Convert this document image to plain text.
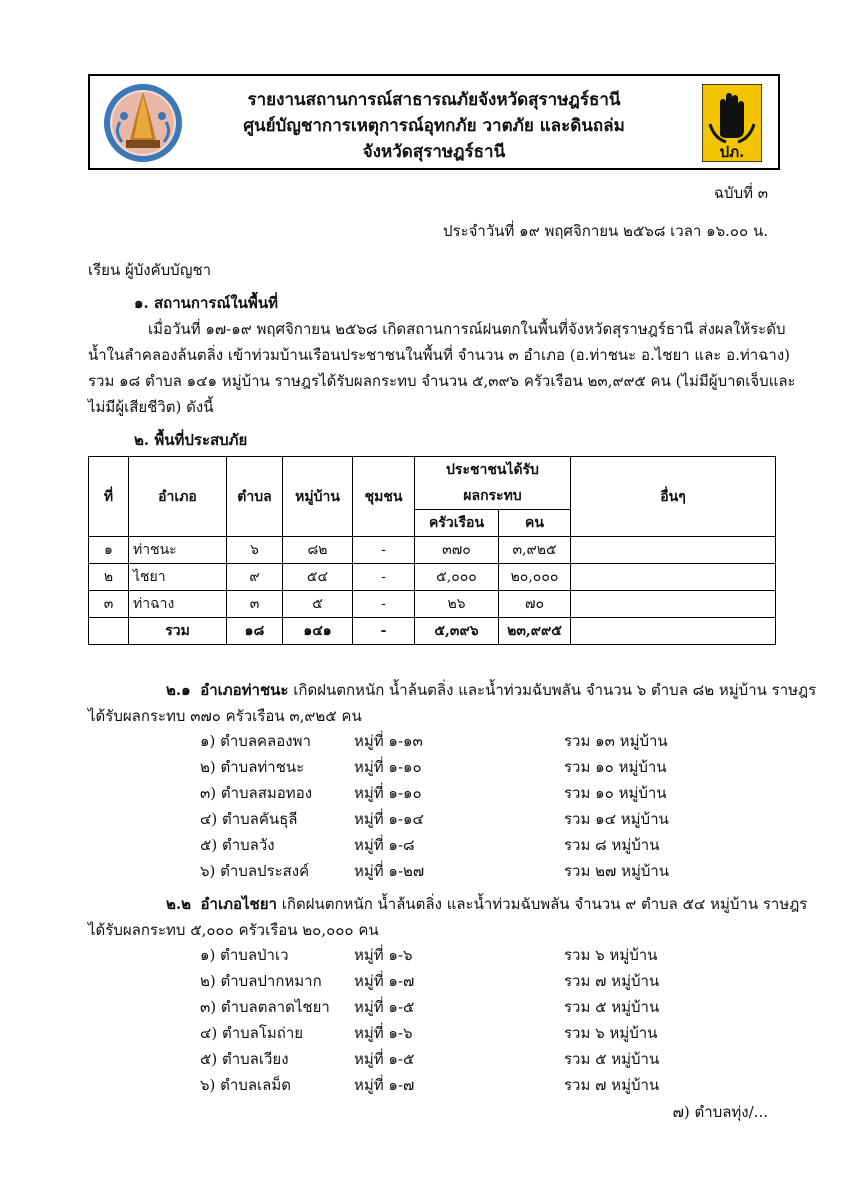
รายงานสถานการณ์สาธารณภัยจังหวัดสุราษฎร์ธานี
ศูนย์บัญชาการเหตุการณ์อุทกภัย วาตภัย และดินถล่ม
จังหวัดสุราษฎร์ธานี	ปภ.
ฉบับที่ ๓
ประจำวันที่ ๑๙ พฤศจิกายน ๒๕๖๘ เวลา ๑๖.๐๐ น.
เรียน ผู้บังคับบัญชา
๑. สถานการณ์ในพื้นที่
เมื่อวันที่ ๑๗-๑๙ พฤศจิกายน ๒๕๖๘ เกิดสถานการณ์ฝนตกในพื้นที่จังหวัดสุราษฎร์ธานี ส่งผลให้ระดับ
น้ำในลำคลองล้นตลิ่ง เข้าท่วมบ้านเรือนประชาชนในพื้นที่ จำนวน ๓ อำเภอ (อ.ท่าชนะ อ.ไชยา และ อ.ท่าฉาง)
รวม ๑๘ ตำบล ๑๔๑ หมู่บ้าน ราษฎรได้รับผลกระทบ จำนวน ๕,๓๙๖ ครัวเรือน ๒๓,๙๙๕ คน (ไม่มีผู้บาดเจ็บและ
ไม่มีผู้เสียชีวิต) ดังนี้
๒. พื้นที่ประสบภัย
ที่	อำเภอ	ตำบล	หมู่บ้าน	ชุมชน	ประชาชนได้รับ		อื่นๆ
					ผลกระทบ		
					ครัวเรือน	คน	
๑	ท่าชนะ	๖	๘๒	-	๓๗๐	๓,๙๒๕	
๒	ไชยา	๙	๕๔	-	๕,๐๐๐	๒๐,๐๐๐	
๓	ท่าฉาง	๓	๕	-	๒๖	๗๐	
	รวม	๑๘	๑๔๑	-	๕,๓๙๖	๒๓,๙๙๕	
๒.๑ อำเภอท่าชนะ เกิดฝนตกหนัก น้ำล้นตลิ่ง และน้ำท่วมฉับพลัน จำนวน ๖ ตำบล ๘๒ หมู่บ้าน ราษฎร
ได้รับผลกระทบ ๓๗๐ ครัวเรือน ๓,๙๒๕ คน
๑) ตำบลคลองพา	หมู่ที่ ๑-๑๓	รวม ๑๓ หมู่บ้าน
๒) ตำบลท่าชนะ	หมู่ที่ ๑-๑๐	รวม ๑๐ หมู่บ้าน
๓) ตำบลสมอทอง	หมู่ที่ ๑-๑๐	รวม ๑๐ หมู่บ้าน
๔) ตำบลคันธุลี	หมู่ที่ ๑-๑๔	รวม ๑๔ หมู่บ้าน
๕) ตำบลวัง	หมู่ที่ ๑-๘	รวม ๘ หมู่บ้าน
๖) ตำบลประสงค์	หมู่ที่ ๑-๒๗	รวม ๒๗ หมู่บ้าน
๒.๒ อำเภอไชยา เกิดฝนตกหนัก น้ำล้นตลิ่ง และน้ำท่วมฉับพลัน จำนวน ๙ ตำบล ๕๔ หมู่บ้าน ราษฎร
ได้รับผลกระทบ ๕,๐๐๐ ครัวเรือน ๒๐,๐๐๐ คน
๑) ตำบลป่าเว	หมู่ที่ ๑-๖	รวม ๖ หมู่บ้าน
๒) ตำบลปากหมาก หมู่ที่ ๑-๗	รวม ๗ หมู่บ้าน
๓) ตำบลตลาดไชยา หมู่ที่ ๑-๕	รวม ๕ หมู่บ้าน
๔) ตำบลโมถ่าย	หมู่ที่ ๑-๖	รวม ๖ หมู่บ้าน
๕) ตำบลเวียง	หมู่ที่ ๑-๕	รวม ๕ หมู่บ้าน
๖) ตำบลเลม็ด	หมู่ที่ ๑-๗	รวม ๗ หมู่บ้าน
๗) ตำบลทุ่ง/...
